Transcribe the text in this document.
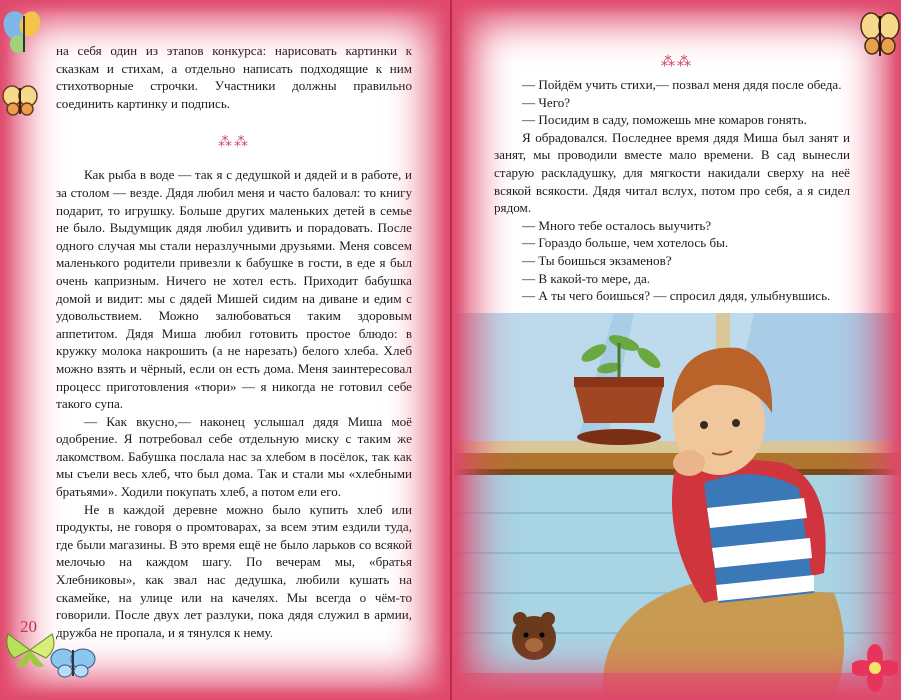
на себя один из этапов конкурса: нарисовать картинки к сказкам и стихам, а отдельно написать подходящие к ним стихотворные строчки. Участники должны правильно соединить картинку и подпись.

⁂⁂

Как рыба в воде — так я с дедушкой и дядей и в работе, и за столом — везде. Дядя любил меня и часто баловал: то книгу подарит, то игрушку. Больше других маленьких детей в семье не было. Выдумщик дядя любил удивить и порадовать. После одного случая мы стали неразлучными друзьями. Меня совсем маленького родители привезли к бабушке в гости, в еде я был очень капризным. Ничего не хотел есть. Приходит бабушка домой и видит: мы с дядей Мишей сидим на диване и едим с удовольствием. Можно залюбоваться таким здоровым аппетитом. Дядя Миша любил готовить простое блюдо: в кружку молока накрошить (а не нарезать) белого хлеба. Хлеб можно взять и чёрный, если он есть дома. Меня заинтересовал процесс приготовления «тюри» — я никогда не готовил себе такого супа.

— Как вкусно,— наконец услышал дядя Миша моё одобрение. Я потребовал себе отдельную миску с таким же лакомством. Бабушка послала нас за хлебом в посёлок, так как мы съели весь хлеб, что был дома. Так и стали мы «хлебными братьями». Ходили покупать хлеб, а потом ели его.

Не в каждой деревне можно было купить хлеб или продукты, не говоря о промтоварах, за всем этим ездили туда, где были магазины. В это время ещё не было ларьков со всякой мелочью на каждом шагу. По вечерам мы, «братья Хлебниковы», как звал нас дедушка, любили кушать на скамейке, на улице или на качелях. Мы всегда о чём-то говорили. После двух лет разлуки, пока дядя служил в армии, дружба не пропала, и я тянулся к нему.

20
⁂⁂

— Пойдём учить стихи,— позвал меня дядя после обеда.

— Чего?

— Посидим в саду, поможешь мне комаров гонять.

Я обрадовался. Последнее время дядя Миша был занят и занят, мы проводили вместе мало времени. В сад вынесли старую раскладушку, для мягкости накидали сверху на неё всякой всякости. Дядя читал вслух, потом про себя, а я сидел рядом.

— Много тебе осталось выучить?

— Гораздо больше, чем хотелось бы.

— Ты боишься экзаменов?

— В какой-то мере, да.

— А ты чего боишься? — спросил дядя, улыбнувшись.
